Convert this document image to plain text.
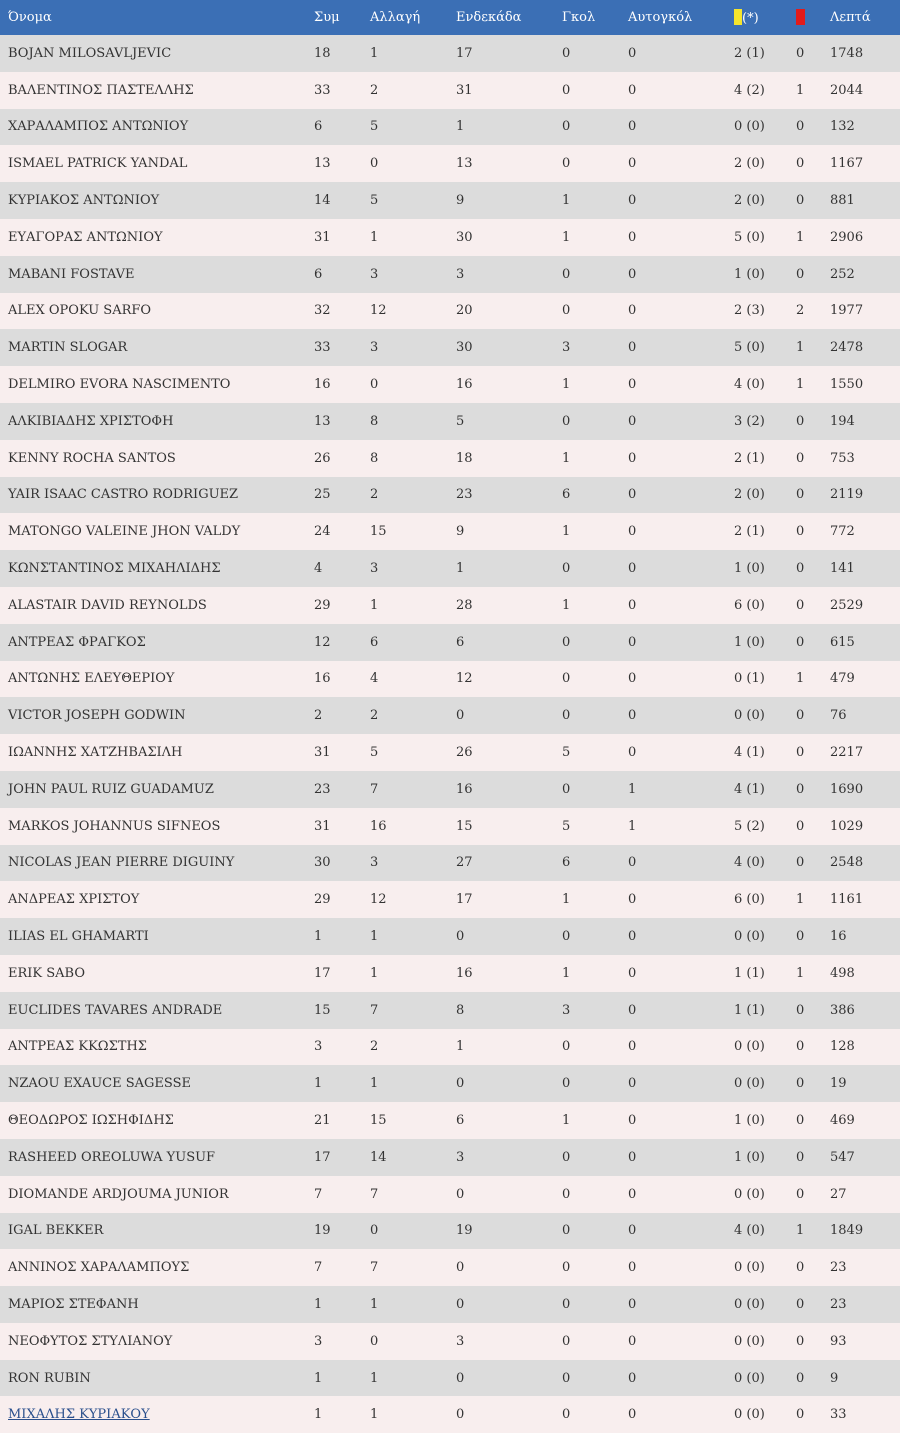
Όνομα	Συμ	Αλλαγή	Ενδεκάδα	Γκολ	Αυτογκόλ	(*)		Λεπτά
BOJAN MILOSAVLJEVIC	18	1	17	0	0	2 (1)	0	1748
ΒΑΛΕΝΤΙΝΟΣ ΠΑΣΤΕΛΛΗΣ	33	2	31	0	0	4 (2)	1	2044
ΧΑΡΑΛΑΜΠΟΣ ΑΝΤΩΝΙΟΥ	6	5	1	0	0	0 (0)	0	132
ISMAEL PATRICK YANDAL	13	0	13	0	0	2 (0)	0	1167
ΚΥΡΙΑΚΟΣ ΑΝΤΩΝΙΟΥ	14	5	9	1	0	2 (0)	0	881
ΕΥΑΓΟΡΑΣ ΑΝΤΩΝΙΟΥ	31	1	30	1	0	5 (0)	1	2906
MABANI FOSTAVE	6	3	3	0	0	1 (0)	0	252
ALEX OPOKU SARFO	32	12	20	0	0	2 (3)	2	1977
MARTIN SLOGAR	33	3	30	3	0	5 (0)	1	2478
DELMIRO EVORA NASCIMENTO	16	0	16	1	0	4 (0)	1	1550
ΑΛΚΙΒΙΑΔΗΣ ΧΡΙΣΤΟΦΗ	13	8	5	0	0	3 (2)	0	194
KENNY ROCHA SANTOS	26	8	18	1	0	2 (1)	0	753
YAIR ISAAC CASTRO RODRIGUEZ	25	2	23	6	0	2 (0)	0	2119
MATONGO VALEINE JHON VALDY	24	15	9	1	0	2 (1)	0	772
ΚΩΝΣΤΑΝΤΙΝΟΣ ΜΙΧΑΗΛΙΔΗΣ	4	3	1	0	0	1 (0)	0	141
ALASTAIR DAVID REYNOLDS	29	1	28	1	0	6 (0)	0	2529
ΑΝΤΡΕΑΣ ΦΡΑΓΚΟΣ	12	6	6	0	0	1 (0)	0	615
ΑΝΤΩΝΗΣ ΕΛΕΥΘΕΡΙΟΥ	16	4	12	0	0	0 (1)	1	479
VICTOR JOSEPH GODWIN	2	2	0	0	0	0 (0)	0	76
ΙΩΑΝΝΗΣ ΧΑΤΖΗΒΑΣΙΛΗ	31	5	26	5	0	4 (1)	0	2217
JOHN PAUL RUIZ GUADAMUZ	23	7	16	0	1	4 (1)	0	1690
MARKOS JOHANNUS SIFNEOS	31	16	15	5	1	5 (2)	0	1029
NICOLAS JEAN PIERRE DIGUINY	30	3	27	6	0	4 (0)	0	2548
ΑΝΔΡΕΑΣ ΧΡΙΣΤΟΥ	29	12	17	1	0	6 (0)	1	1161
ILIAS EL GHAMARTI	1	1	0	0	0	0 (0)	0	16
ERIK SABO	17	1	16	1	0	1 (1)	1	498
EUCLIDES TAVARES ANDRADE	15	7	8	3	0	1 (1)	0	386
ΑΝΤΡΕΑΣ ΚΚΩΣΤΗΣ	3	2	1	0	0	0 (0)	0	128
NZAOU EXAUCE SAGESSE	1	1	0	0	0	0 (0)	0	19
ΘΕΟΔΩΡΟΣ ΙΩΣΗΦΙΔΗΣ	21	15	6	1	0	1 (0)	0	469
RASHEED OREOLUWA YUSUF	17	14	3	0	0	1 (0)	0	547
DIOMANDE ARDJOUMA JUNIOR	7	7	0	0	0	0 (0)	0	27
IGAL BEKKER	19	0	19	0	0	4 (0)	1	1849
ΑΝΝΙΝΟΣ ΧΑΡΑΛΑΜΠΟΥΣ	7	7	0	0	0	0 (0)	0	23
ΜΑΡΙΟΣ ΣΤΕΦΑΝΗ	1	1	0	0	0	0 (0)	0	23
ΝΕΟΦΥΤΟΣ ΣΤΥΛΙΑΝΟΥ	3	0	3	0	0	0 (0)	0	93
RON RUBIN	1	1	0	0	0	0 (0)	0	9
ΜΙΧΑΛΗΣ ΚΥΡΙΑΚΟΥ	1	1	0	0	0	0 (0)	0	33
